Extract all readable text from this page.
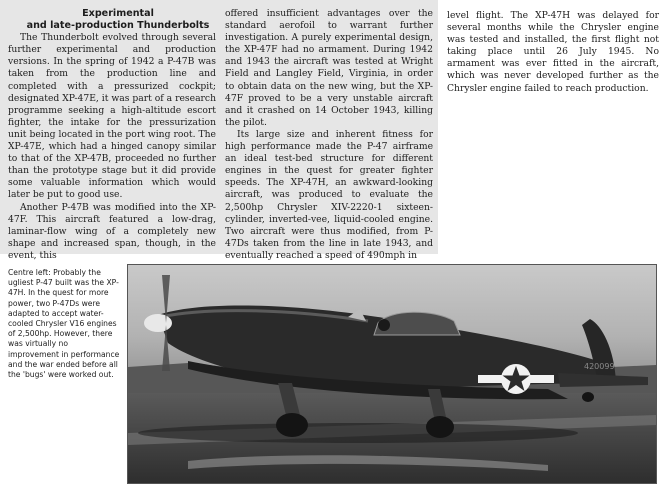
Experimental

and late-production Thunderbolts

The Thunderbolt evolved through several further experimental and production versions. In the spring of 1942 a P-47B was taken from the production line and completed with a pressurized cockpit; designated XP-47E, it was part of a research programme seeking a high-altitude escort fighter, the intake for the pressurization unit being located in the port wing root. The XP-47E, which had a hinged canopy similar to that of the XP-47B, proceeded no further than the prototype stage but it did provide some valuable information which would later be put to good use.

Another P-47B was modified into the XP-47F. This aircraft featured a low-drag, laminar-flow wing of a completely new shape and increased span, though, in the event, this

offered insufficient advantages over the standard aerofoil to warrant further investigation. A purely experimental design, the XP-47F had no armament. During 1942 and 1943 the aircraft was tested at Wright Field and Langley Field, Virginia, in order to obtain data on the new wing, but the XP-47F proved to be a very unstable aircraft and it crashed on 14 October 1943, killing the pilot.

Its large size and inherent fitness for high performance made the P-47 airframe an ideal test-bed structure for different engines in the quest for greater fighter speeds. The XP-47H, an awkward-looking aircraft, was produced to evaluate the 2,500hp Chrysler XIV-2220-1 sixteen-cylinder, inverted-vee, liquid-cooled engine. Two aircraft were thus modified, from P-47Ds taken from the line in late 1943, and eventually reached a speed of 490mph in

level flight. The XP-47H was delayed for several months while the Chrysler engine was tested and installed, the first flight not taking place until 26 July 1945. No armament was ever fitted in the aircraft, which was never developed further as the Chrysler engine failed to reach production.

Centre left: Probably the ugliest P-47 built was the XP-47H. In the quest for more power, two P-47Ds were adapted to accept water-cooled Chrysler V16 engines of 2,500hp. However, there was virtually no improvement in performance and the war ended before all the 'bugs' were worked out.
420099
